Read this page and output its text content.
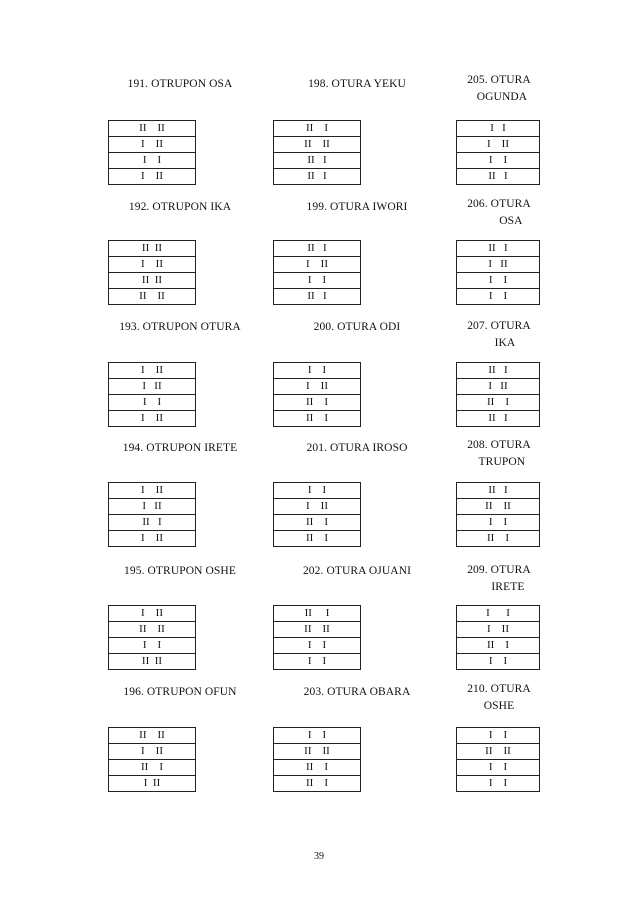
191. OTRUPON OSA
II    II
I    II
I    I
I    II
192. OTRUPON IKA
II  II
I    II
II  II
II    II
193. OTRUPON OTURA
I    II
I   II
I    I
I    II
194. OTRUPON IRETE
I    II
I   II
II   I
I    II
195. OTRUPON OSHE
I    II
II    II
I    I
II  II
196. OTRUPON OFUN
II    II
I    II
II    I
I  II
198. OTURA YEKU
II    I
II    II
II   I
II   I
199. OTURA IWORI
II   I
I    II
I    I
II   I
200. OTURA ODI
I    I
I    II
II    I
II    I
201. OTURA IROSO
I    I
I    II
II    I
II    I
202. OTURA OJUANI
II     I
II    II
I    I
I    I
203. OTURA OBARA
I    I
II    II
II    I
II    I
205. OTURA
OGUNDA
I   I
I    II
I    I
II   I
206. OTURA
OSA
II   I
I   II
I    I
I    I
207. OTURA
IKA
II   I
I   II
II    I
II   I
208. OTURA
TRUPON
II   I
II    II
I    I
II    I
209. OTURA
IRETE
I      I
I    II
II    I
I    I
210. OTURA
OSHE
I    I
II    II
I    I
I    I
39
